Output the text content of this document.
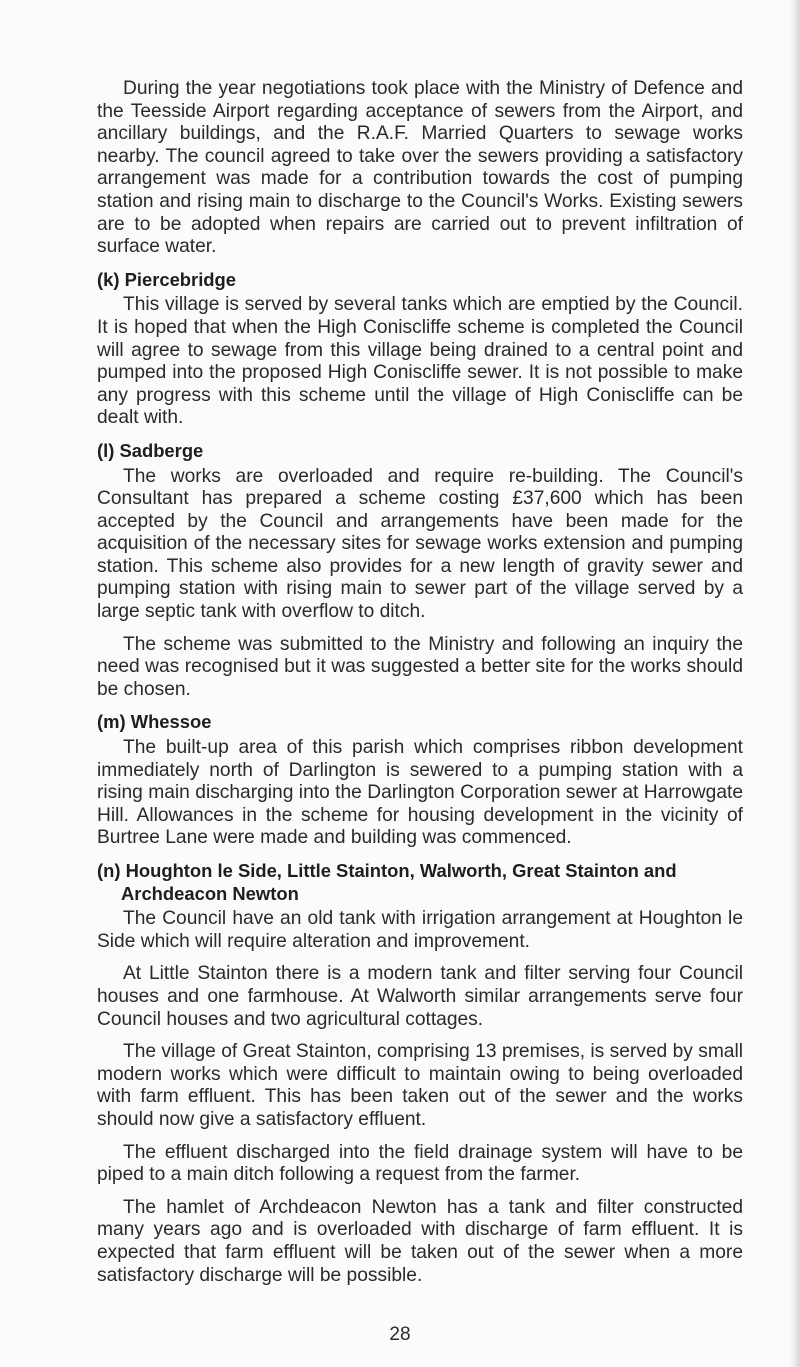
During the year negotiations took place with the Ministry of Defence and the Teesside Airport regarding acceptance of sewers from the Airport, and ancillary buildings, and the R.A.F. Married Quarters to sewage works nearby. The council agreed to take over the sewers providing a satisfactory arrangement was made for a contribution towards the cost of pumping station and rising main to discharge to the Council's Works. Existing sewers are to be adopted when repairs are carried out to prevent infiltration of surface water.

(k) Piercebridge

This village is served by several tanks which are emptied by the Council. It is hoped that when the High Coniscliffe scheme is completed the Council will agree to sewage from this village being drained to a central point and pumped into the proposed High Coniscliffe sewer. It is not possible to make any progress with this scheme until the village of High Coniscliffe can be dealt with.

(l) Sadberge

The works are overloaded and require re-building. The Council's Consultant has prepared a scheme costing £37,600 which has been accepted by the Council and arrangements have been made for the acquisition of the necessary sites for sewage works extension and pumping station. This scheme also provides for a new length of gravity sewer and pumping station with rising main to sewer part of the village served by a large septic tank with overflow to ditch.

The scheme was submitted to the Ministry and following an inquiry the need was recognised but it was suggested a better site for the works should be chosen.

(m) Whessoe

The built-up area of this parish which comprises ribbon development immediately north of Darlington is sewered to a pumping station with a rising main discharging into the Darlington Corporation sewer at Harrowgate Hill. Allowances in the scheme for housing development in the vicinity of Burtree Lane were made and building was commenced.

(n) Houghton le Side, Little Stainton, Walworth, Great Stainton and Archdeacon Newton

The Council have an old tank with irrigation arrangement at Houghton le Side which will require alteration and improvement.

At Little Stainton there is a modern tank and filter serving four Council houses and one farmhouse. At Walworth similar arrangements serve four Council houses and two agricultural cottages.

The village of Great Stainton, comprising 13 premises, is served by small modern works which were difficult to maintain owing to being overloaded with farm effluent. This has been taken out of the sewer and the works should now give a satisfactory effluent.

The effluent discharged into the field drainage system will have to be piped to a main ditch following a request from the farmer.

The hamlet of Archdeacon Newton has a tank and filter constructed many years ago and is overloaded with discharge of farm effluent. It is expected that farm effluent will be taken out of the sewer when a more satisfactory discharge will be possible.

28
